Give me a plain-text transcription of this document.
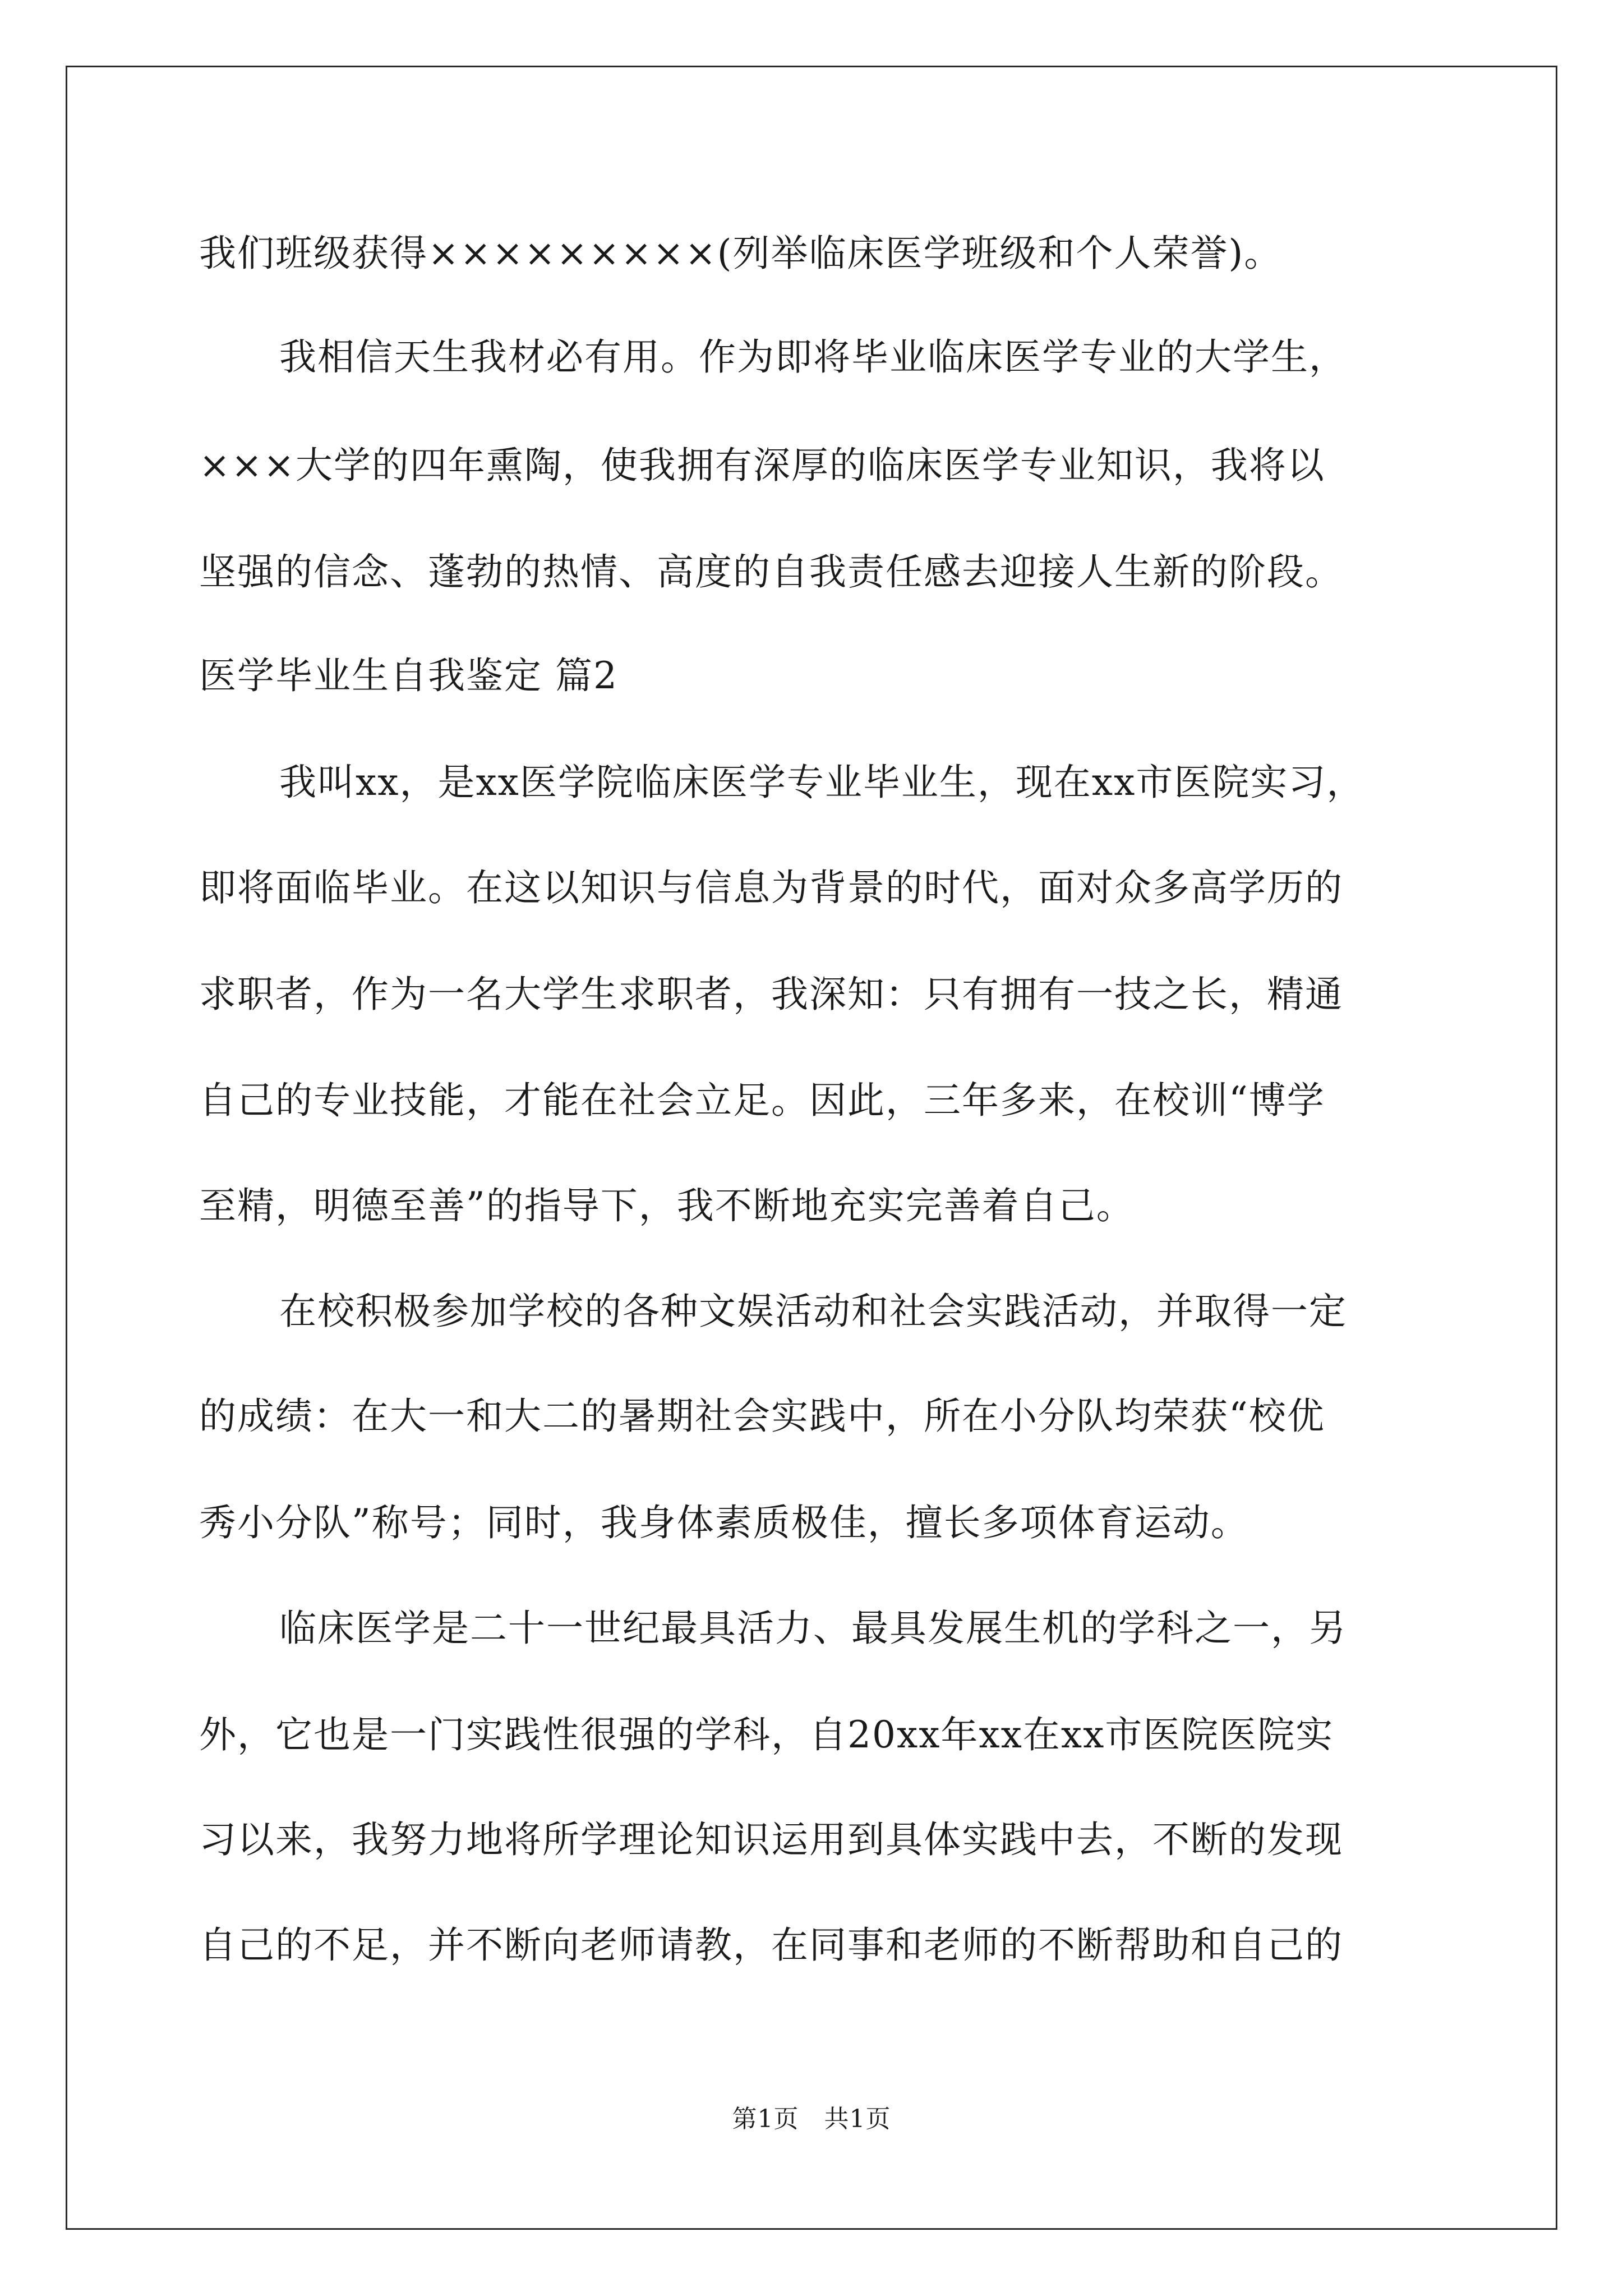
我们班级获得×××××××××(列举临床医学班级和个人荣誉)。
我相信天生我材必有用。作为即将毕业临床医学专业的大学生，
×××大学的四年熏陶，使我拥有深厚的临床医学专业知识，我将以
坚强的信念、蓬勃的热情、高度的自我责任感去迎接人生新的阶段。
医学毕业生自我鉴定 篇2
我叫xx，是xx医学院临床医学专业毕业生，现在xx市医院实习，
即将面临毕业。在这以知识与信息为背景的时代，面对众多高学历的
求职者，作为一名大学生求职者，我深知：只有拥有一技之长，精通
自己的专业技能，才能在社会立足。因此，三年多来，在校训“博学
至精，明德至善”的指导下，我不断地充实完善着自己。
在校积极参加学校的各种文娱活动和社会实践活动，并取得一定
的成绩：在大一和大二的暑期社会实践中，所在小分队均荣获“校优
秀小分队”称号；同时，我身体素质极佳，擅长多项体育运动。
临床医学是二十一世纪最具活力、最具发展生机的学科之一，另
外，它也是一门实践性很强的学科，自20xx年xx在xx市医院医院实
习以来，我努力地将所学理论知识运用到具体实践中去，不断的发现
自己的不足，并不断向老师请教，在同事和老师的不断帮助和自己的
第1页　共1页
